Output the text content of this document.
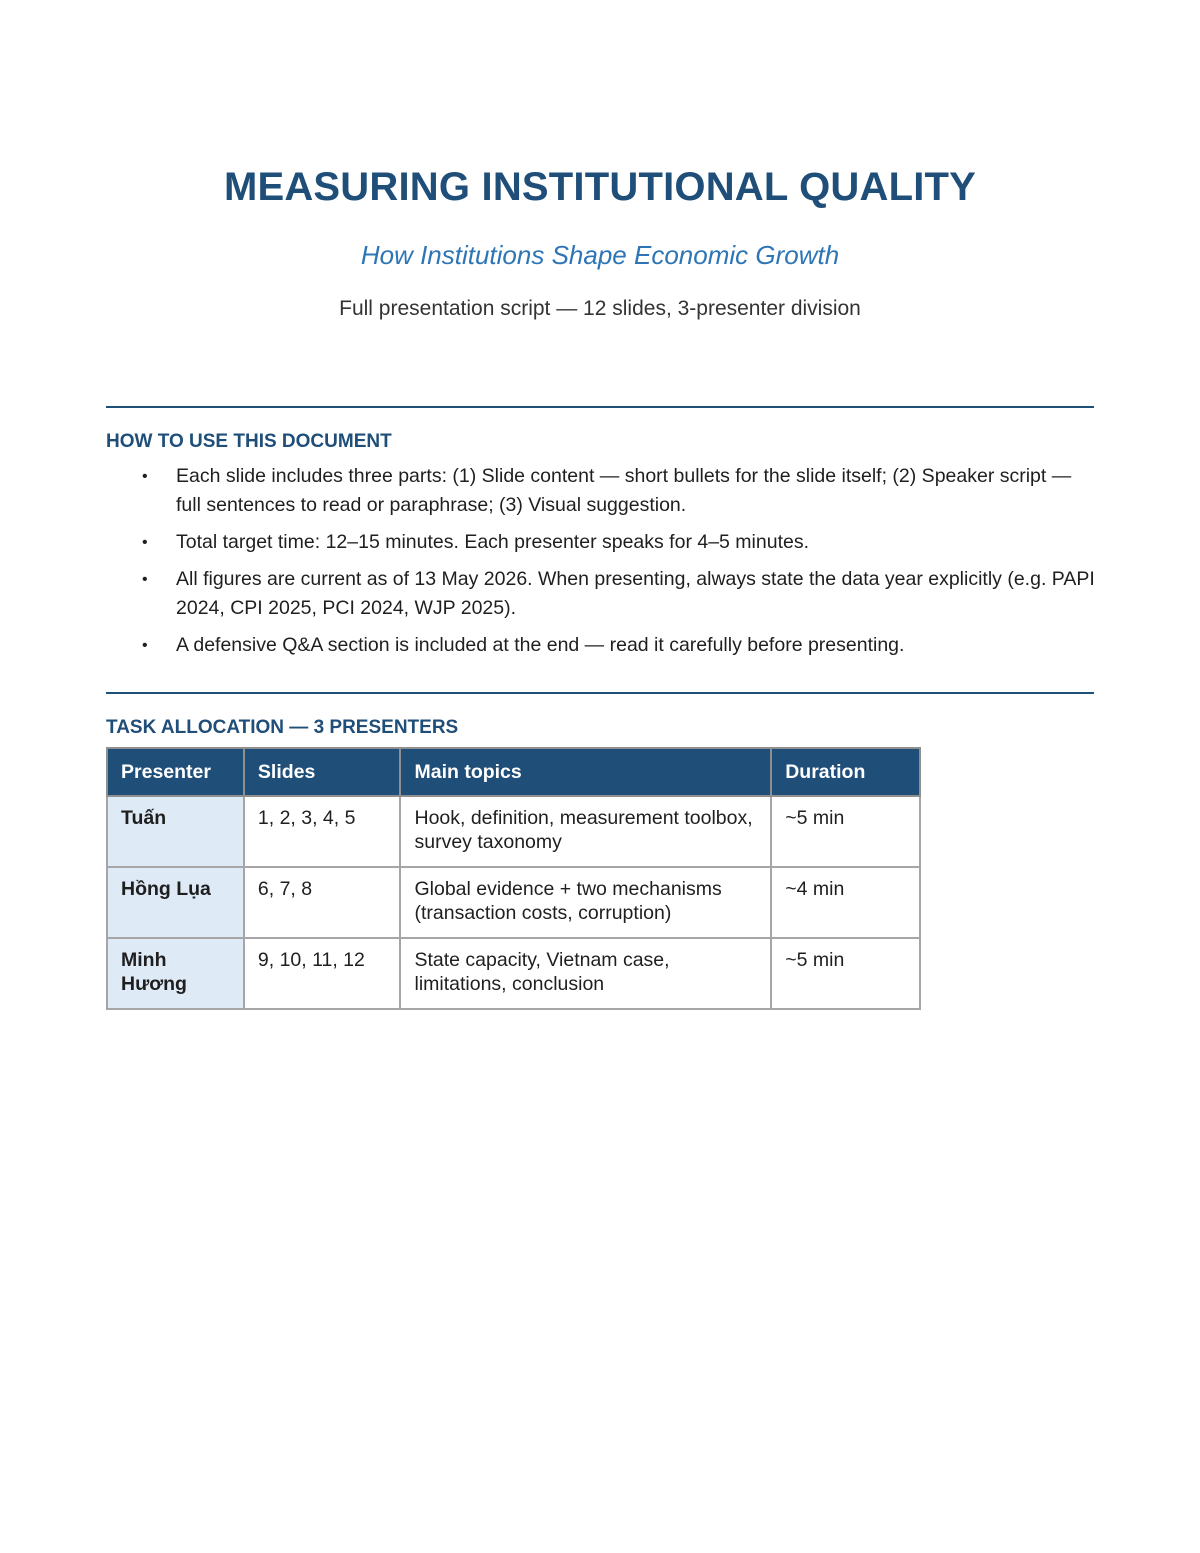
MEASURING INSTITUTIONAL QUALITY

How Institutions Shape Economic Growth

Full presentation script — 12 slides, 3-presenter division

HOW TO USE THIS DOCUMENT
• Each slide includes three parts: (1) Slide content — short bullets for the slide itself; (2) Speaker script — full sentences to read or paraphrase; (3) Visual suggestion.
• Total target time: 12–15 minutes. Each presenter speaks for 4–5 minutes.
• All figures are current as of 13 May 2026. When presenting, always state the data year explicitly (e.g. PAPI 2024, CPI 2025, PCI 2024, WJP 2025).
• A defensive Q&A section is included at the end — read it carefully before presenting.
TASK ALLOCATION — 3 PRESENTERS
Presenter	Slides	Main topics	Duration
Tuấn	1, 2, 3, 4, 5	Hook, definition, measurement toolbox, survey taxonomy	~5 min
Hồng Lụa	6, 7, 8	Global evidence + two mechanisms (transaction costs, corruption)	~4 min
Minh Hương	9, 10, 11, 12	State capacity, Vietnam case, limitations, conclusion	~5 min
